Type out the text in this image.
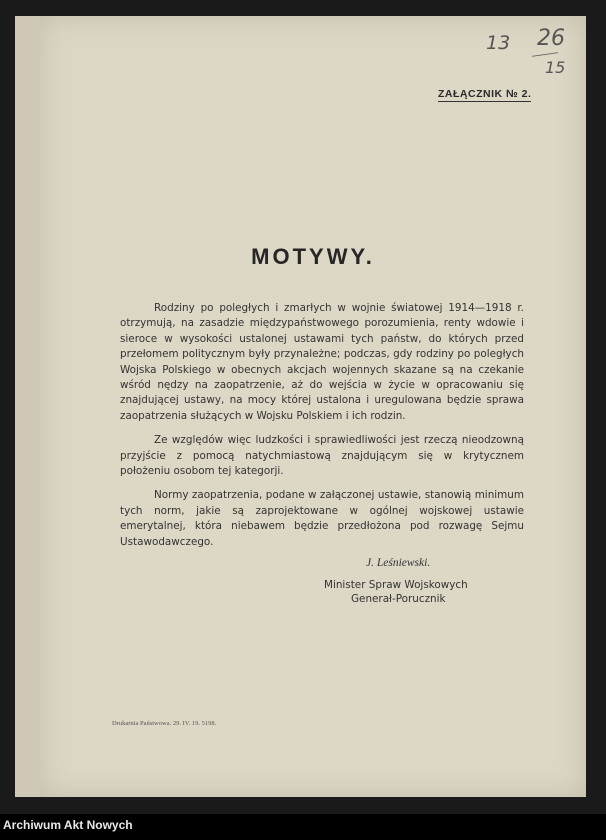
13 26
15
ZAŁĄCZNIK № 2.
MOTYWY.

Rodziny po poległych i zmarłych w wojnie światowej 1914—1918 r. otrzymują, na zasadzie międzypaństwowego porozumienia, renty wdowie i sieroce w wysokości ustalonej ustawami tych państw, do których przed przełomem politycznym były przynależne; podczas, gdy rodziny po poległych Wojska Polskiego w obecnych akcjach wojennych skazane są na czekanie wśród nędzy na zaopatrzenie, aż do wejścia w życie w opracowaniu się znajdującej ustawy, na mocy której ustalona i uregulowana będzie sprawa zaopatrzenia służących w Wojsku Polskiem i ich rodzin.

Ze względów więc ludzkości i sprawiedliwości jest rzeczą nieodzowną przyjście z pomocą natychmiastową znajdującym się w krytycznem położeniu osobom tej kategorji.

Normy zaopatrzenia, podane w załączonej ustawie, stanowią minimum tych norm, jakie są zaprojektowane w ogólnej wojskowej ustawie emerytalnej, która niebawem będzie przedłożona pod rozwagę Sejmu Ustawodawczego.

J. Leśniewski.
Minister Spraw Wojskowych
Generał-Porucznik
Drukarnia Państwowa. 29. IV. 19. 5198.
Archiwum Akt Nowych
